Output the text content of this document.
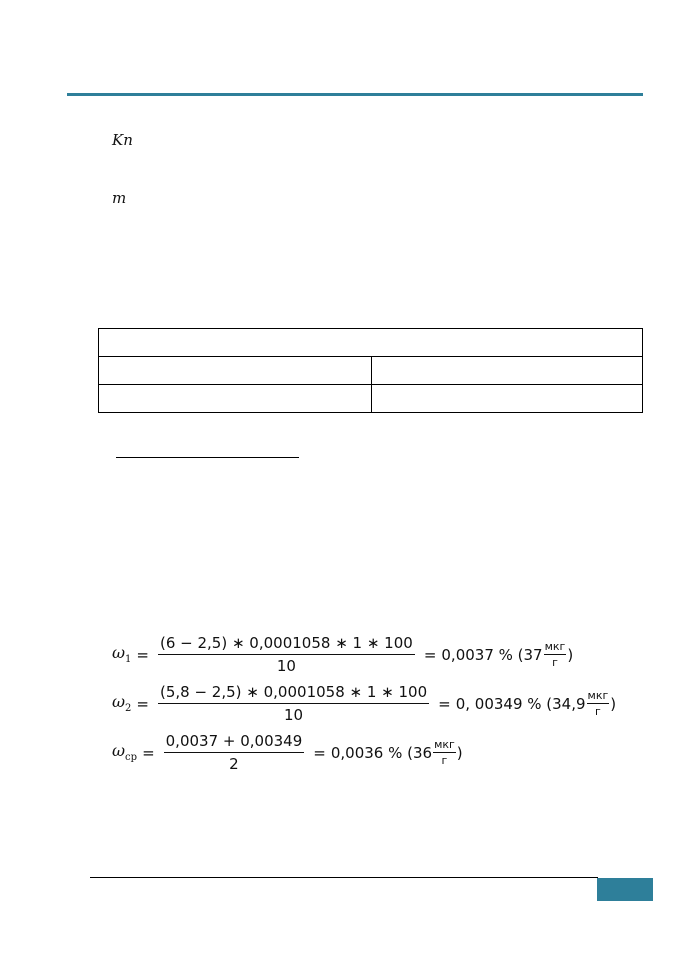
Kn
m

$\omega_1 = \frac{(6 - 2,5) ∗ 0,0001058 ∗ 1 ∗ 100}{10} = 0,0037$ % ($37 \frac{\text{мкг}}{г}$ )
$\omega_2 = \frac{(5,8 - 2,5) ∗ 0,0001058 ∗ 1 ∗ 100}{10} = 0$, 00349 % ($34,9 \frac{\text{мкг}}{г}$ )
$\omega_{ср} = \frac{0,0037 + 0,00349}{2} = 0,0036$ % ($36 \frac{\text{мкг}}{г}$ )
